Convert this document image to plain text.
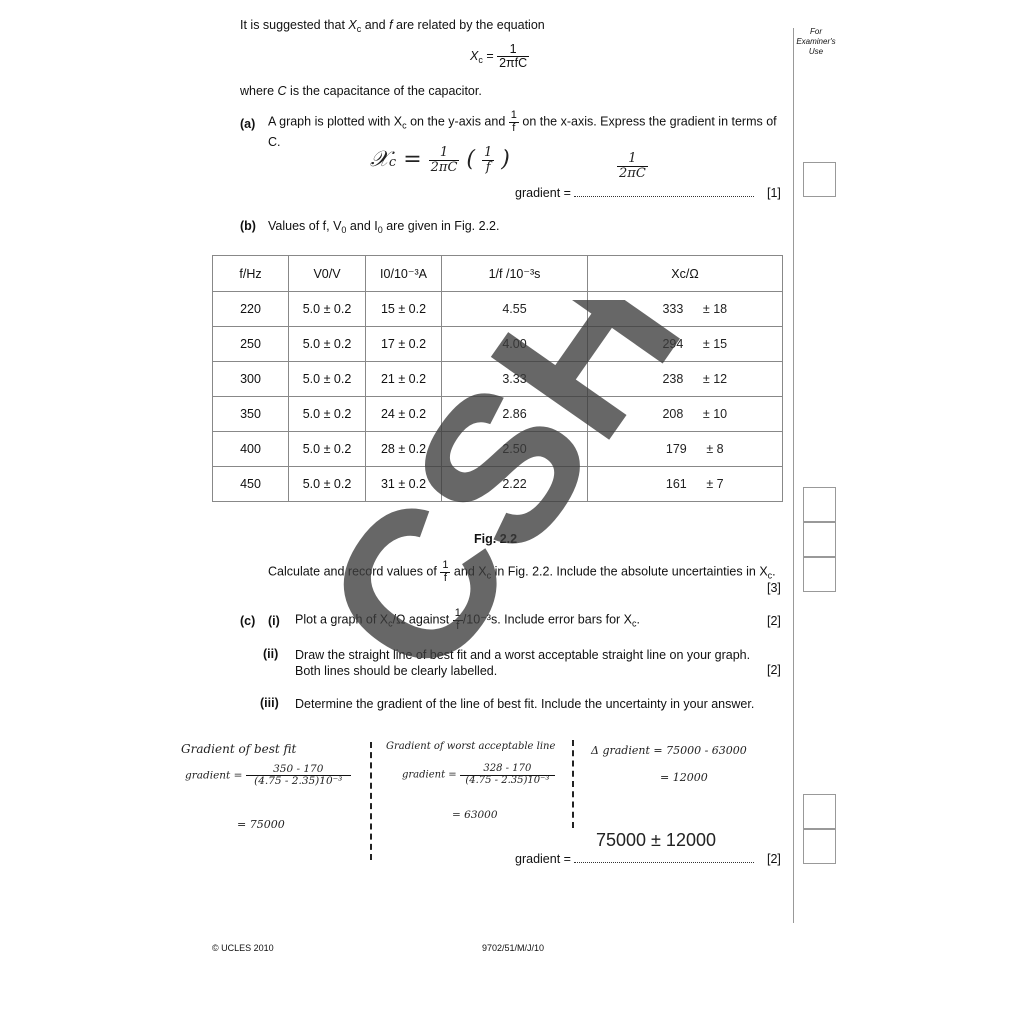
For
Examiner's
Use
It is suggested that $X_c$ and f are related by the equation
$X_c = \frac{1}{\text{2πfC}}$
where C is the capacitance of the capacitor.
(a) A graph is plotted with $X_c$ on the y-axis and $\frac{1}{f}$ on the x-axis. Express the gradient in terms of C.
𝒳c = $\frac{1}{2\pi C}$ ( $\frac{1}{f}$ )
gradient =
$\frac{1}{2\pi C}$
[1]
(b) Values of f, $V_0$ and $I_0$ are given in Fig. 2.2.
f/Hz	V0/V	I0/10⁻³A	1/f /10⁻³s	Xc/Ω
220	5.0 ± 0.2	15 ± 0.2	4.55	333 ± 18
250	5.0 ± 0.2	17 ± 0.2	4.00	294 ± 15
300	5.0 ± 0.2	21 ± 0.2	3.33	238 ± 12
350	5.0 ± 0.2	24 ± 0.2	2.86	208 ± 10
400	5.0 ± 0.2	28 ± 0.2	2.50	179 ± 8
450	5.0 ± 0.2	31 ± 0.2	2.22	161 ± 7
Fig. 2.2
Calculate and record values of $\frac{1}{f}$ and $X_c$ in Fig. 2.2. Include the absolute uncertainties in $X_c$.
[3]
(c) (i) Plot a graph of $X_c/\Omega$ against $\frac{1}{f} /10^{-3}s$. Include error bars for $X_c$.	[2]
(ii) Draw the straight line of best fit and a worst acceptable straight line on your graph. Both lines should be clearly labelled.	[2]
(iii) Determine the gradient of the line of best fit. Include the uncertainty in your answer.
Gradient of best fit
gradient = $\frac{350 - 170}{\text{(4.75 - 2.35)10⁻³}}$
= 75000
Gradient of worst acceptable line
gradient = $\frac{328 - 170}{\text{(4.75 - 2.35)10⁻³}}$
= 63000
Δ gradient = 75000 - 63000
= 12000
75000 ± 12000
gradient =	[2]
CSH
© UCLES 2010	9702/51/M/J/10
